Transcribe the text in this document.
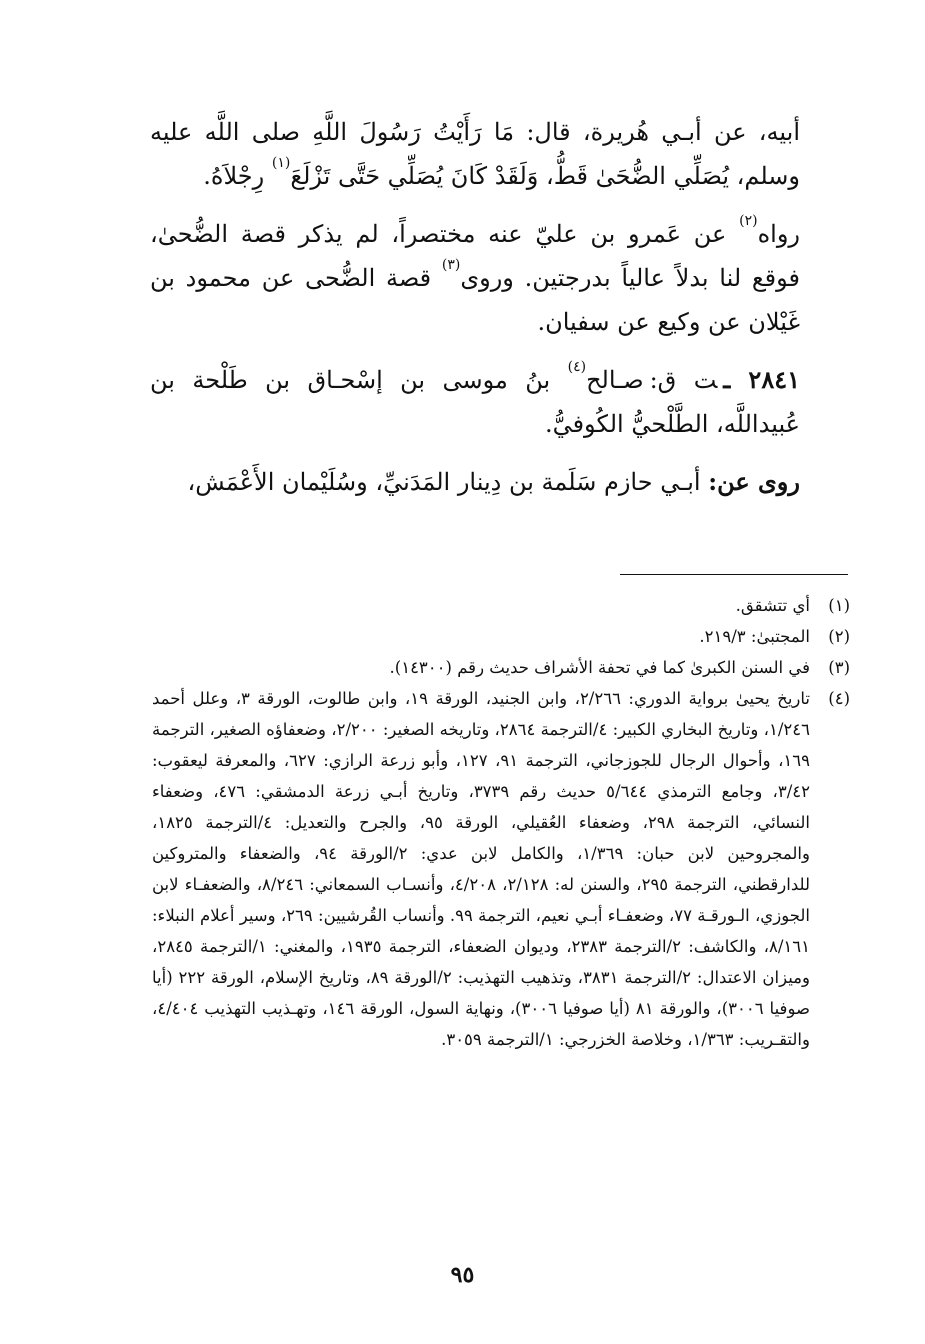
أبيه، عن أبـي هُريرة، قال: مَا رَأَيْتُ رَسُولَ اللَّهِ صلى اللَّه عليه وسلم، يُصَلِّي الضُّحَىٰ قَطُّ، وَلَقَدْ كَانَ يُصَلِّي حَتَّى تَزْلَعَ$^{(١)}$ رِجْلاَهُ.

رواه$^{(٢)}$ عن عَمرو بن عليّ عنه مختصراً، لم يذكر قصة الضُّحىٰ، فوقع لنا بدلاً عالياً بدرجتين. وروى$^{(٣)}$ قصة الضُّحى عن محمود بن غَيْلان عن وكيع عن سفيان.

٢٨٤١ ـت ق:صـالح$^{(٤)}$ بنُ موسى بن إسْحـاق بن طَلْحة بن عُبيداللَّه، الطَّلْحيُّ الكُوفيُّ.

روى عن: أبـي حازم سَلَمة بن دِينار المَدَنيِّ، وسُلَيْمان الأَعْمَش،

(١)
أي تتشقق.
(٢)
المجتبىٰ: ٢١٩/٣.
(٣)
في السنن الكبرىٰ كما في تحفة الأشراف حديث رقم (١٤٣٠٠).
(٤)
تاريخ يحيىٰ برواية الدوري: ٢/٢٦٦، وابن الجنيد، الورقة ١٩، وابن طالوت، الورقة ٣، وعلل أحمد ١/٢٤٦، وتاريخ البخاري الكبير: ٤/الترجمة ٢٨٦٤، وتاريخه الصغير: ٢/٢٠٠، وضعفاؤه الصغير، الترجمة ١٦٩، وأحوال الرجال للجوزجاني، الترجمة ٩١، ١٢٧، وأبو زرعة الرازي: ٦٢٧، والمعرفة ليعقوب: ٣/٤٢، وجامع الترمذي ٥/٦٤٤ حديث رقم ٣٧٣٩، وتاريخ أبـي زرعة الدمشقي: ٤٧٦، وضعفاء النسائي، الترجمة ٢٩٨، وضعفاء العُقيلي، الورقة ٩٥، والجرح والتعديل: ٤/الترجمة ١٨٢٥، والمجروحين لابن حبان: ١/٣٦٩، والكامل لابن عدي: ٢/الورقة ٩٤، والضعفاء والمتروكين للدارقطني، الترجمة ٢٩٥، والسنن له: ٢/١٢٨، ٤/٢٠٨، وأنسـاب السمعاني: ٨/٢٤٦، والضعفـاء لابن الجوزي، الـورقـة ٧٧، وضعفـاء أبـي نعيم، الترجمة ٩٩. وأنساب القُرشيين: ٢٦٩، وسير أعلام النبلاء: ٨/١٦١، والكاشف: ٢/الترجمة ٢٣٨٣، وديوان الضعفاء، الترجمة ١٩٣٥، والمغني: ١/الترجمة ٢٨٤٥، وميزان الاعتدال: ٢/الترجمة ٣٨٣١، وتذهيب التهذيب: ٢/الورقة ٨٩، وتاريخ الإسلام، الورقة ٢٢٢ (أيا صوفيا ٣٠٠٦)، والورقة ٨١ (أيا صوفيا ٣٠٠٦)، ونهاية السول، الورقة ١٤٦، وتهـذيب التهذيب ٤/٤٠٤، والتقـريب: ١/٣٦٣، وخلاصة الخزرجي: ١/الترجمة ٣٠٥٩.
٩٥
